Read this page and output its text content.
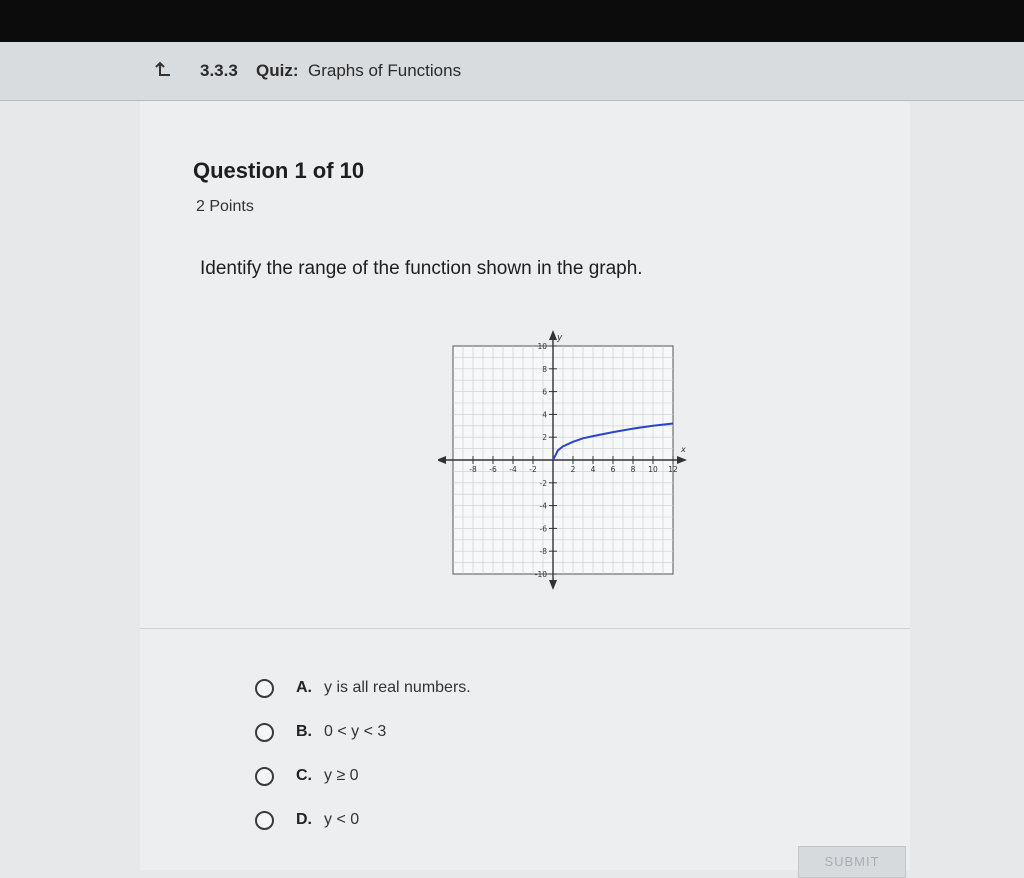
3.3.3 Quiz: Graphs of Functions
Question 1 of 10
2 Points
Identify the range of the function shown in the graph.
x
y
-8 -6 -4 -2	2 4 6 8 10 12
10
8
6
4
2
-2
-4
-6
-8
-10
A. y is all real numbers.
B. 0 < y < 3
C. y ≥ 0
D. y < 0
SUBMIT
